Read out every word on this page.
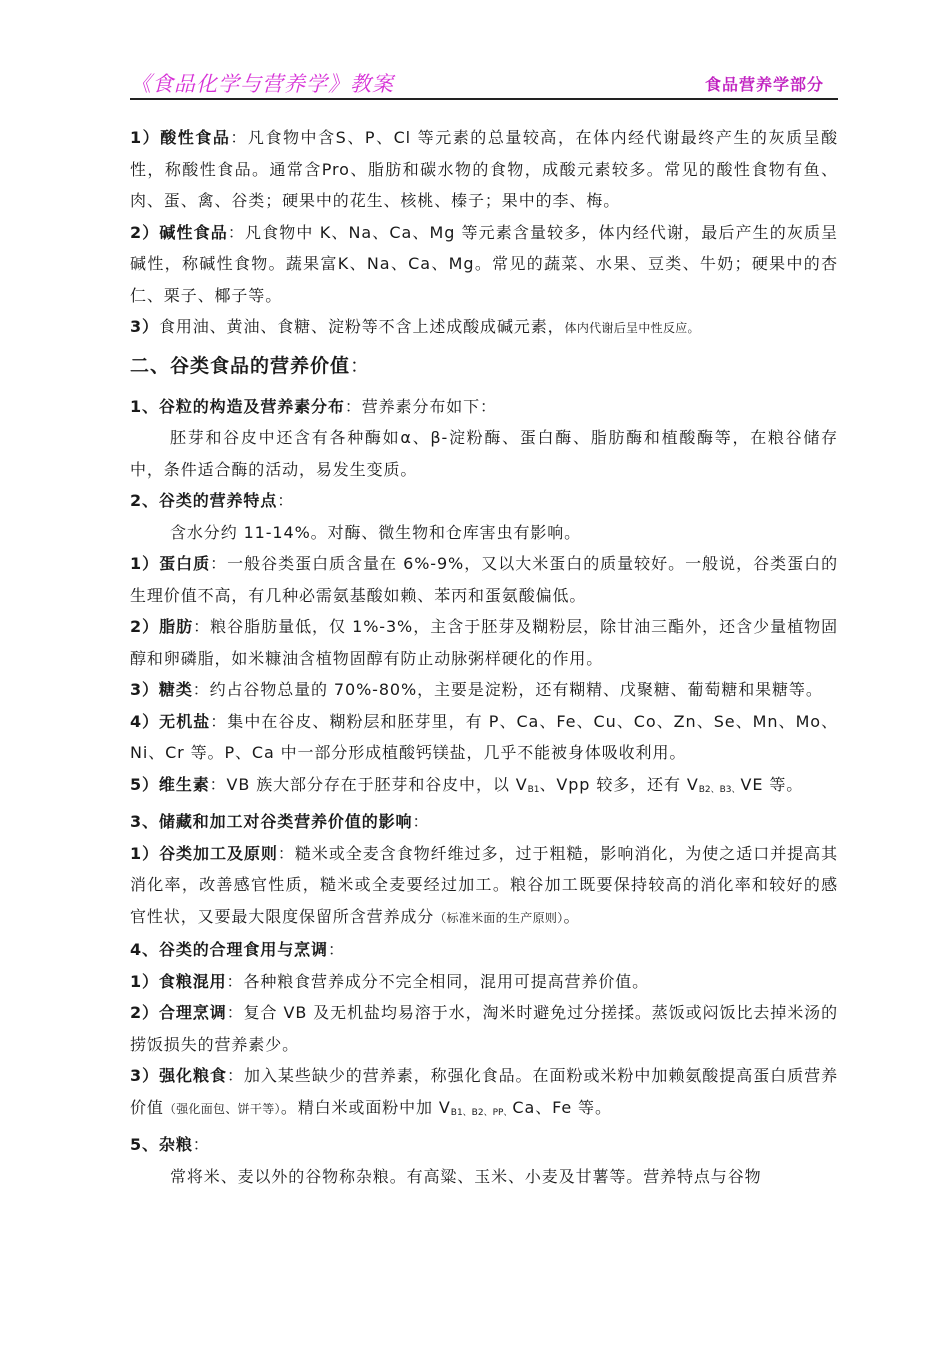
《食品化学与营养学》教案	食品营养学部分

1）酸性食品：凡食物中含S、P、Cl 等元素的总量较高，在体内经代谢最终产生的灰质呈酸性，称酸性食品。通常含Pro、脂肪和碳水物的食物，成酸元素较多。常见的酸性食物有鱼、肉、蛋、禽、谷类；硬果中的花生、核桃、榛子；果中的李、梅。

2）碱性食品：凡食物中 K、Na、Ca、Mg 等元素含量较多，体内经代谢，最后产生的灰质呈碱性，称碱性食物。蔬果富K、Na、Ca、Mg。常见的蔬菜、水果、豆类、牛奶；硬果中的杏仁、栗子、椰子等。

3）食用油、黄油、食糖、淀粉等不含上述成酸成碱元素，体内代谢后呈中性反应。

二、谷类食品的营养价值：

1、谷粒的构造及营养素分布：营养素分布如下：

胚芽和谷皮中还含有各种酶如α、β-淀粉酶、蛋白酶、脂肪酶和植酸酶等，在粮谷储存中，条件适合酶的活动，易发生变质。

2、谷类的营养特点：

含水分约 11-14%。对酶、微生物和仓库害虫有影响。

1）蛋白质：一般谷类蛋白质含量在 6%-9%，又以大米蛋白的质量较好。一般说，谷类蛋白的生理价值不高，有几种必需氨基酸如赖、苯丙和蛋氨酸偏低。

2）脂肪：粮谷脂肪量低，仅 1%-3%，主含于胚芽及糊粉层，除甘油三酯外，还含少量植物固醇和卵磷脂，如米糠油含植物固醇有防止动脉粥样硬化的作用。

3）糖类：约占谷物总量的 70%-80%，主要是淀粉，还有糊精、戊聚糖、葡萄糖和果糖等。

4）无机盐：集中在谷皮、糊粉层和胚芽里，有 P、Ca、Fe、Cu、Co、Zn、Se、Mn、Mo、Ni、Cr 等。P、Ca 中一部分形成植酸钙镁盐，几乎不能被身体吸收利用。

5）维生素：VB 族大部分存在于胚芽和谷皮中，以 $V_{B1}$、Vpp 较多，还有 $V_{B2、B3、}VE$ 等。

3、储藏和加工对谷类营养价值的影响：

1）谷类加工及原则：糙米或全麦含食物纤维过多，过于粗糙，影响消化，为使之适口并提高其消化率，改善感官性质，糙米或全麦要经过加工。粮谷加工既要保持较高的消化率和较好的感官性状，又要最大限度保留所含营养成分（标准米面的生产原则）。

4、谷类的合理食用与烹调：

1）食粮混用：各种粮食营养成分不完全相同，混用可提高营养价值。

2）合理烹调：复合 VB 及无机盐均易溶于水，淘米时避免过分搓揉。蒸饭或闷饭比去掉米汤的捞饭损失的营养素少。

3）强化粮食：加入某些缺少的营养素，称强化食品。在面粉或米粉中加赖氨酸提高蛋白质营养价值（强化面包、饼干等）。精白米或面粉中加 $V_{B1、B2、PP、}Ca$、Fe 等。

5、杂粮：

常将米、麦以外的谷物称杂粮。有高粱、玉米、小麦及甘薯等。营养特点与谷物
